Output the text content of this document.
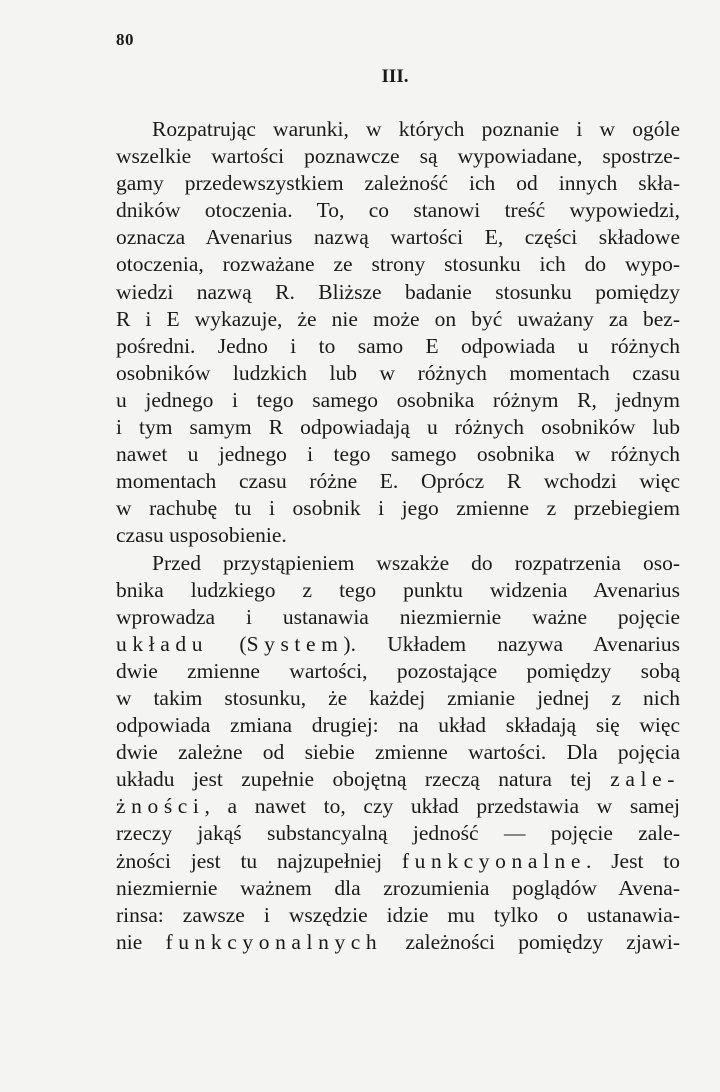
80
III.
Rozpatrując warunki, w których poznanie i w ogóle
wszelkie wartości poznawcze są wypowiadane, spostrze-
gamy przedewszystkiem zależność ich od innych skła-
dników otoczenia. To, co stanowi treść wypowiedzi,
oznacza Avenarius nazwą wartości E, części składowe
otoczenia, rozważane ze strony stosunku ich do wypo-
wiedzi nazwą R. Bliższe badanie stosunku pomiędzy
R i E wykazuje, że nie może on być uważany za bez-
pośredni. Jedno i to samo E odpowiada u różnych
osobników ludzkich lub w różnych momentach czasu
u jednego i tego samego osobnika różnym R, jednym
i tym samym R odpowiadają u różnych osobników lub
nawet u jednego i tego samego osobnika w różnych
momentach czasu różne E. Oprócz R wchodzi więc
w rachubę tu i osobnik i jego zmienne z przebiegiem
czasu usposobienie.
Przed przystąpieniem wszakże do rozpatrzenia oso-
bnika ludzkiego z tego punktu widzenia Avenarius
wprowadza i ustanawia niezmiernie ważne pojęcie
układu (System). Układem nazywa Avenarius
dwie zmienne wartości, pozostające pomiędzy sobą
w takim stosunku, że każdej zmianie jednej z nich
odpowiada zmiana drugiej: na układ składają się więc
dwie zależne od siebie zmienne wartości. Dla pojęcia
układu jest zupełnie obojętną rzeczą natura tej zale-
żności, a nawet to, czy układ przedstawia w samej
rzeczy jakąś substancyalną jedność — pojęcie zale-
żności jest tu najzupełniej funkcyonalne. Jest to
niezmiernie ważnem dla zrozumienia poglądów Avena-
rinsa: zawsze i wszędzie idzie mu tylko o ustanawia-
nie funkcyonalnych zależności pomiędzy zjawi-
